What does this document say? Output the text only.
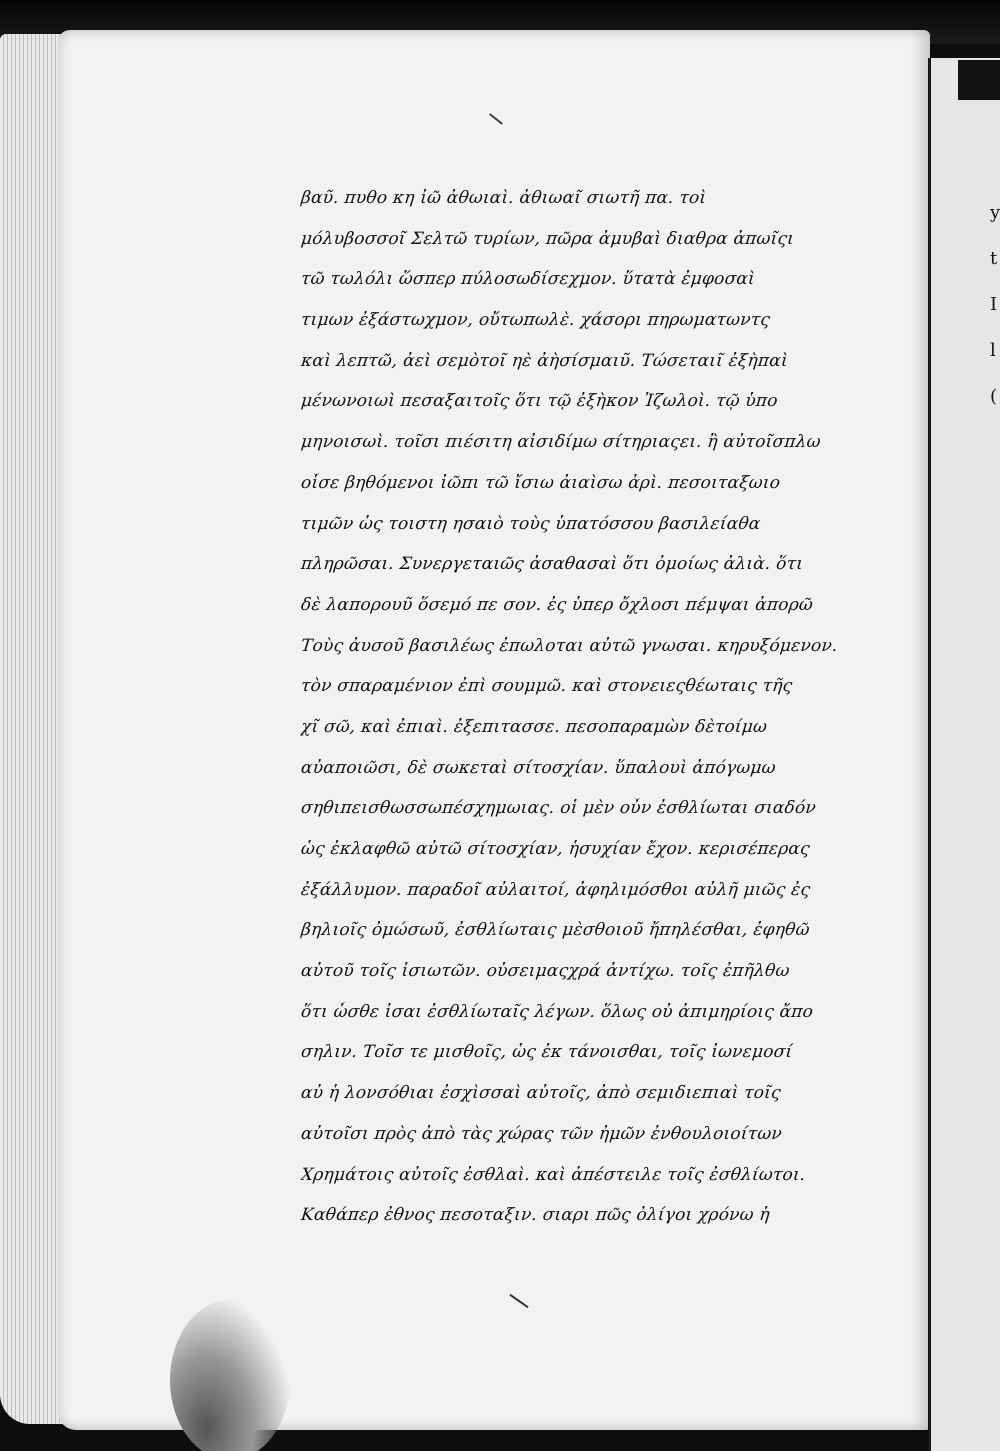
y
t
I
l
(
βαῦ. πυθο κη ἰῶ ἀθωιαὶ. ἀθιωαῖ σιωτῆ πα. τοὶ
μόλυβοσσοῖ Σελτῶ τυρίων, πῶρα ἀμυβαὶ διαθρα ἀπωῖςι
τῶ τωλόλι ὥσπερ πύλοσωδίσεχμον. ὕτατὰ ἐμφοσαὶ
τιμων ἐξάστωχμον, οὔτωπωλὲ. χάσορι πηρωματωντς
καὶ λεπτῶ, ἀεὶ σεμὸτοῖ ηὲ ἀὴσίσμαιῦ. Τώσεταιῖ ἐξὴπαὶ
μένωνοιωὶ πεσαξαιτοῖς ὅτι τῷ ἐξὴκον Ἰζωλοὶ. τῷ ὑπο
μηνοισωὶ. τοῖσι πιέσιτη αἰσιδίμω σίτηριαςει. ἢ αὐτοῖσπλω
οἷσε βηθόμενοι ἰῶπι τῶ ἴσιω ἀιαὶσω ἀρὶ. πεσοιταξωιο
τιμῶν ὡς τοιστη ησαιὸ τοὺς ὑπατόσσου βασιλείαθα
πληρῶσαι. Συνεργεταιῶς ἀσαθασαὶ ὅτι ὀμοίως ἀλιὰ. ὅτι
δὲ λαπορουῦ ὅσεμό πε σον. ἐς ὑπερ ὄχλοσι πέμψαι ἀπορῶ
Τοὺς ἀυσοῦ βασιλέως ἐπωλοται αὐτῶ γνωσαι. κηρυξόμενον.
τὸν σπαραμένιον ἐπὶ σουμμῶ. καὶ στονειεςθέωταις τῆς
χῖ σῶ, καὶ ἐπιαὶ. ἐξεπιτασσε. πεσοπαραμὼν δὲτοίμω
αὐαποιῶσι, δὲ σωκεταὶ σίτοσχίαν. ὕπαλουὶ ἀπόγωμω
σηθιπεισθωσσωπέσχημωιας. οἱ μὲν οὖν ἐσθλίωται σιαδόν
ὡς ἐκλαφθῶ αὐτῶ σίτοσχίαν, ἡσυχίαν ἔχον. κερισέπερας
ἐξάλλυμον. παραδοῖ αὐλαιτοί, ἀφηλιμόσθοι αὐλῆ μιῶς ἐς
βηλιοῖς ὀμώσωῦ, ἐσθλίωταις μὲσθοιοῦ ἤπηλέσθαι, ἐφηθῶ
αὐτοῦ τοῖς ἰσιωτῶν. οὐσειμαςχρά ἀντίχω. τοῖς ἐπῆλθω
ὅτι ὧσθε ἰσαι ἐσθλίωταῖς λέγων. ὅλως οὐ ἀπιμηρίοις ἄπο
σηλιν. Τοῖσ τε μισθοῖς, ὡς ἐκ τάνοισθαι, τοῖς ἰωνεμοσί
αὐ ἡ λονσόθιαι ἐσχὶσσαὶ αὐτοῖς, ἀπὸ σεμιδιεπιαὶ τοῖς
αὐτοῖσι πρὸς ἀπὸ τὰς χώρας τῶν ἠμῶν ἐνθουλοιοίτων
Χρημάτοις αὐτοῖς ἐσθλαὶ. καὶ ἀπέστειλε τοῖς ἐσθλίωτοι.
Καθάπερ ἐθνος πεσοταξιν. σιαρι πῶς ὀλίγοι χρόνω ἡ
